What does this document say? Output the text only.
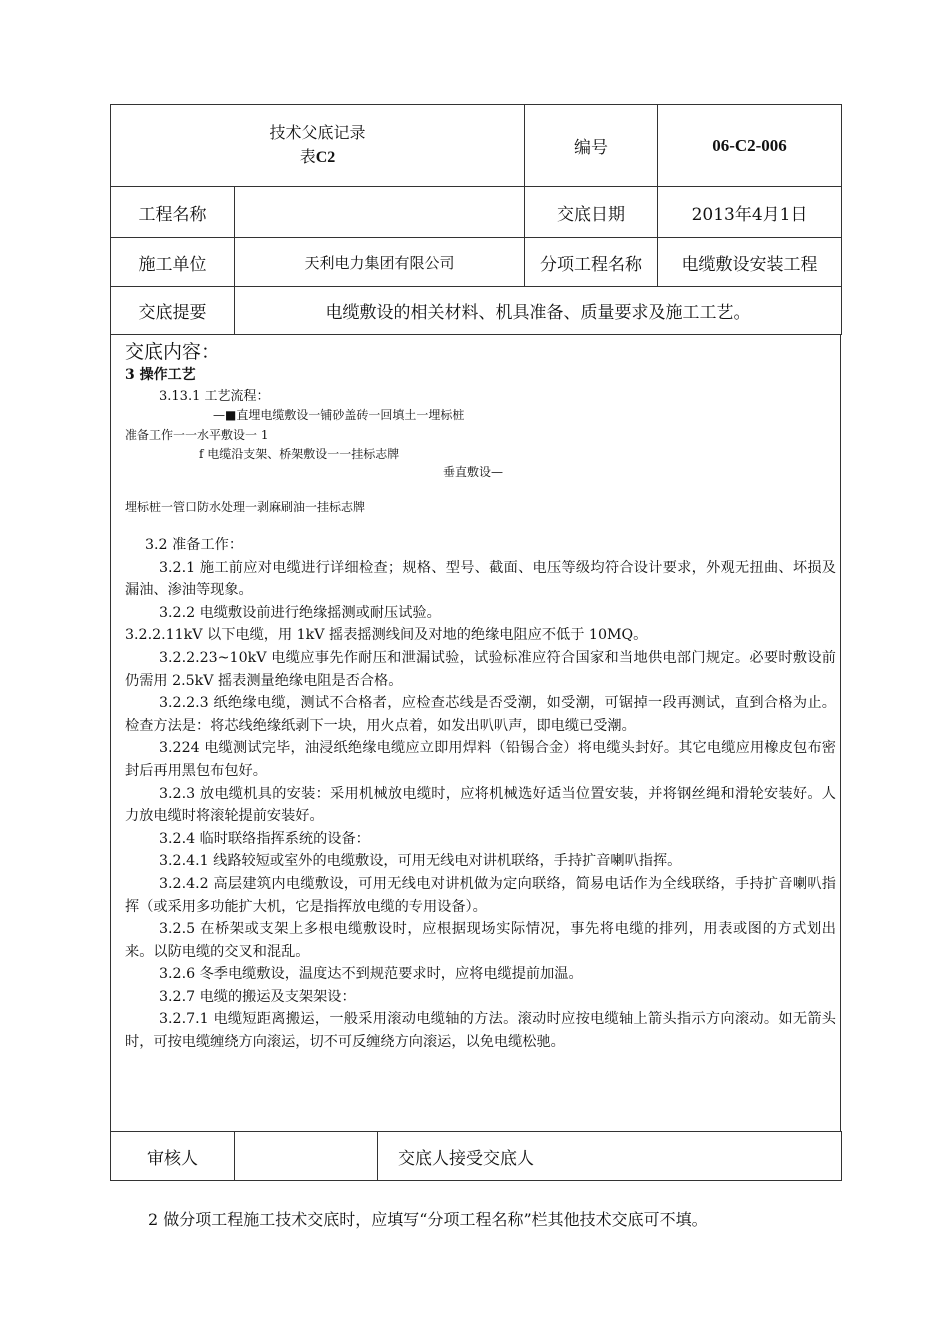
技术父底记录
表C2		编号	06-C2-006
工程名称		交底日期	2013年4月1日
施工单位	天利电力集团有限公司	分项工程名称	电缆敷设安装工程
交底提要	电缆敷设的相关材料、机具准备、质量要求及施工工艺。		
交底内容：
3 操作工艺
3.13.1 工艺流程：
—■直埋电缆敷设一铺砂盖砖一回填土一埋标桩
准备工作一一水平敷设一 1
f 电缆沿支架、桥架敷设一一挂标志牌
垂直敷设—
埋标桩一管口防水处理一剥麻刷油一挂标志牌
3.2 准备工作：
3.2.1 施工前应对电缆进行详细检查；规格、型号、截面、电压等级均符合设计要求，外观无扭曲、坏损及漏油、渗油等现象。
3.2.2 电缆敷设前进行绝缘摇测或耐压试验。
3.2.2.11kV 以下电缆，用 1kV 摇表摇测线间及对地的绝缘电阻应不低于 10MQ。
3.2.2.23~10kV 电缆应事先作耐压和泄漏试验，试验标准应符合国家和当地供电部门规定。必要时敷设前仍需用 2.5kV 摇表测量绝缘电阻是否合格。
3.2.2.3 纸绝缘电缆，测试不合格者，应检查芯线是否受潮，如受潮，可锯掉一段再测试，直到合格为止。检查方法是：将芯线绝缘纸剥下一块，用火点着，如发出叭叭声，即电缆已受潮。
3.224 电缆测试完毕，油浸纸绝缘电缆应立即用焊料（铅锡合金）将电缆头封好。其它电缆应用橡皮包布密封后再用黑包布包好。
3.2.3 放电缆机具的安装：采用机械放电缆时，应将机械选好适当位置安装，并将钢丝绳和滑轮安装好。人力放电缆时将滚轮提前安装好。
3.2.4 临时联络指挥系统的设备：
3.2.4.1 线路较短或室外的电缆敷设，可用无线电对讲机联络，手持扩音喇叭指挥。
3.2.4.2 高层建筑内电缆敷设，可用无线电对讲机做为定向联络，简易电话作为全线联络，手持扩音喇叭指挥（或采用多功能扩大机，它是指挥放电缆的专用设备）。
3.2.5 在桥架或支架上多根电缆敷设时，应根据现场实际情况，事先将电缆的排列，用表或图的方式划出来。以防电缆的交叉和混乱。
3.2.6 冬季电缆敷设，温度达不到规范要求时，应将电缆提前加温。
3.2.7 电缆的搬运及支架架设：
3.2.7.1 电缆短距离搬运，一般采用滚动电缆轴的方法。滚动时应按电缆轴上箭头指示方向滚动。如无箭头时，可按电缆缠绕方向滚运，切不可反缠绕方向滚运，以免电缆松驰。
审核人		交底人接受交底人
2 做分项工程施工技术交底时，应填写“分项工程名称”栏其他技术交底可不填。
